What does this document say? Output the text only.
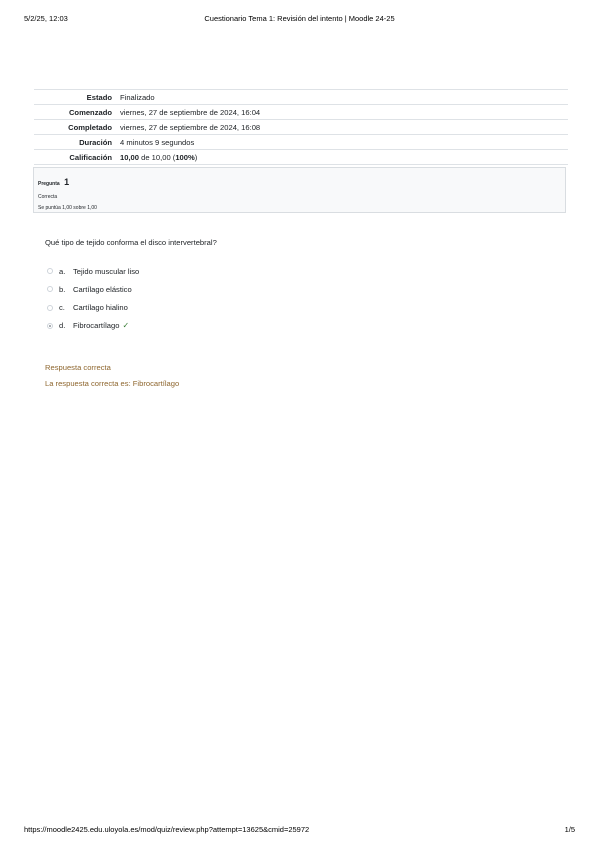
5/2/25, 12:03	Cuestionario Tema 1: Revisión del intento | Moodle 24-25
Estado	Finalizado
Comenzado	viernes, 27 de septiembre de 2024, 16:04
Completado	viernes, 27 de septiembre de 2024, 16:08
Duración	4 minutos 9 segundos
Calificación	10,00 de 10,00 (100%)
Pregunta 1
Correcta
Se puntúa 1,00 sobre 1,00
Qué tipo de tejido conforma el disco intervertebral?
a.	Tejido muscular liso
b.	Cartílago elástico
c.	Cartílago hialino
d.	Fibrocartílago ✓
Respuesta correcta
La respuesta correcta es: Fibrocartílago
https://moodle2425.edu.uloyola.es/mod/quiz/review.php?attempt=13625&cmid=25972	1/5
